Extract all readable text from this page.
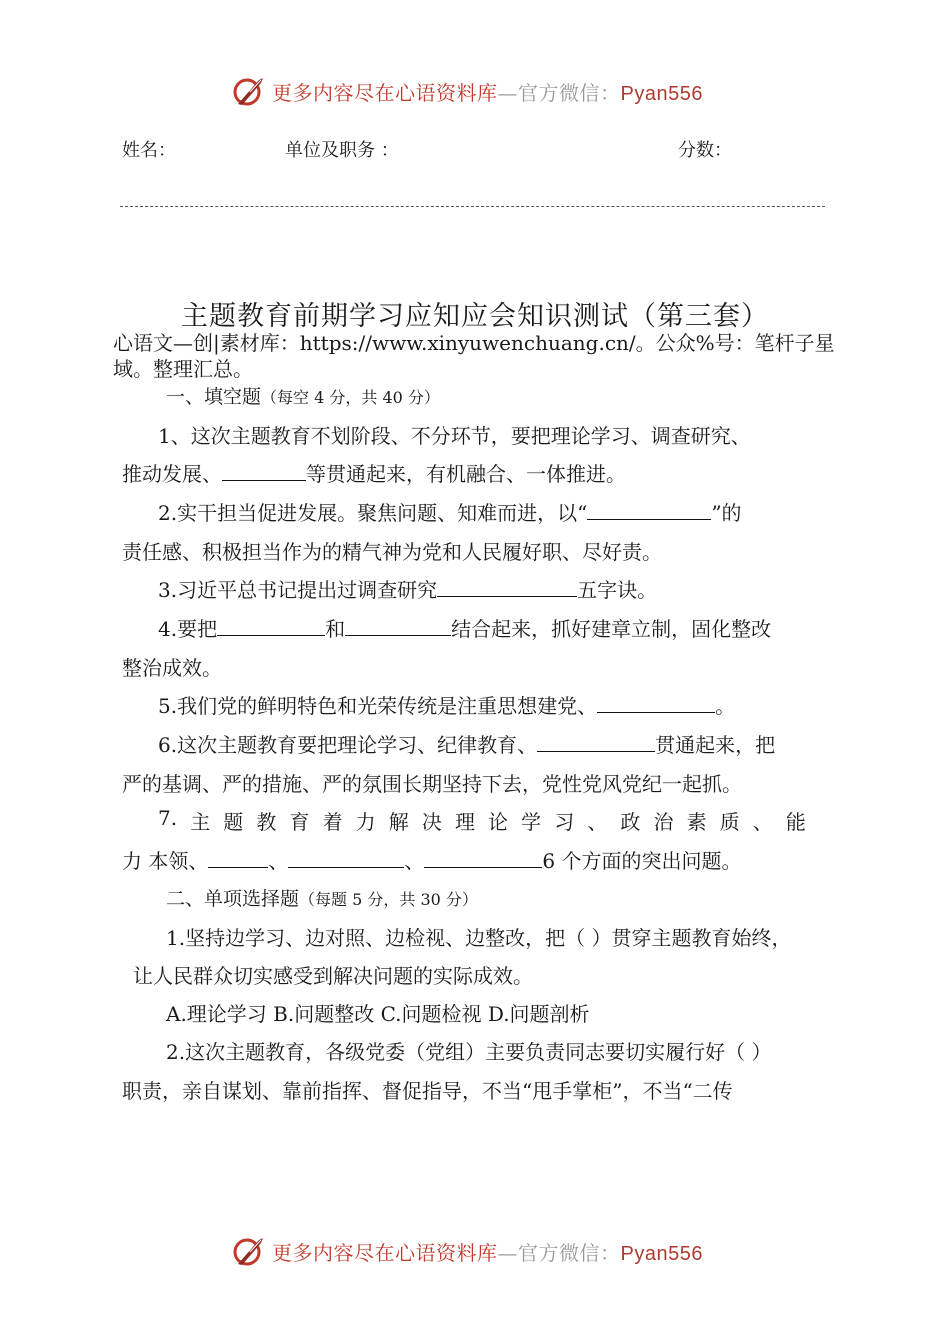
更多内容尽在心语资料库—官方微信：Pyan556
姓名：	单位及职务 ：	分数：
主题教育前期学习应知应会知识测试（第三套）
心语文—创|素材库：https://www.xinyuwenchuang.cn/。公众%号：笔杆子星域。整理汇总。
一、填空题（每空 4 分，共 40 分）
1、这次主题教育不划阶段、不分环节，要把理论学习、调查研究、
推动发展、	等贯通起来，有机融合、一体推进。
2.实干担当促进发展。聚焦问题、知难而进，以“	”的
责任感、积极担当作为的精气神为党和人民履好职、尽好责。
3.习近平总书记提出过调查研究	五字诀。
4.要把	和	结合起来，抓好建章立制，固化整改
整治成效。
5.我们党的鲜明特色和光荣传统是注重思想建党、	。
6.这次主题教育要把理论学习、纪律教育、	贯通起来，把
严的基调、严的措施、严的氛围长期坚持下去，党性党风党纪一起抓。
7. 主 题 教 育 着 力 解 决 理 论 学 习 、 政 治 素 质 、 能
力 本领、	、	、	6 个方面的突出问题。
二、单项选择题（每题 5 分，共 30 分）
1.坚持边学习、边对照、边检视、边整改，把（ ）贯穿主题教育始终，
让人民群众切实感受到解决问题的实际成效。
A.理论学习 B.问题整改 C.问题检视 D.问题剖析
2.这次主题教育，各级党委（党组）主要负责同志要切实履行好（ ）
职责，亲自谋划、靠前指挥、督促指导，不当“甩手掌柜”，不当“二传
更多内容尽在心语资料库—官方微信：Pyan556
